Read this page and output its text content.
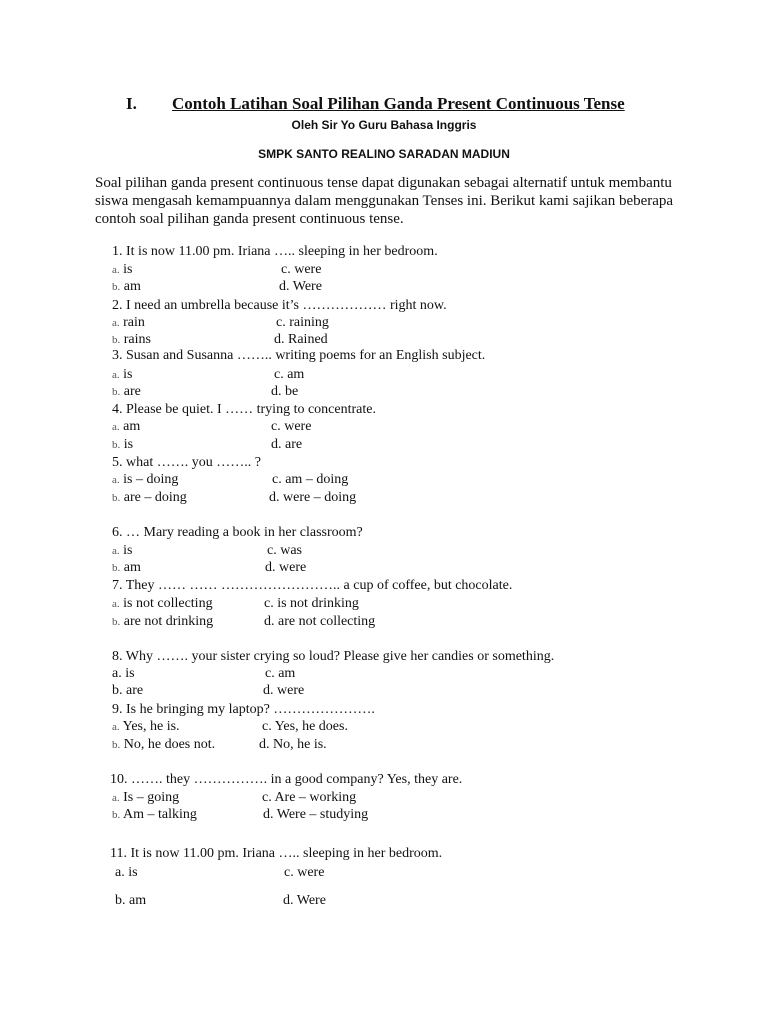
I. Contoh Latihan Soal Pilihan Ganda Present Continuous Tense
Oleh Sir Yo Guru Bahasa Inggris
SMPK SANTO REALINO SARADAN MADIUN
Soal pilihan ganda present continuous tense dapat digunakan sebagai alternatif untuk membantu siswa mengasah kemampuannya dalam menggunakan Tenses ini. Berikut kami sajikan beberapa contoh soal pilihan ganda present continuous tense.
1. It is now 11.00 pm. Iriana ….. sleeping in her bedroom.
a. is
b. am
c. were
d. Were
2. I need an umbrella because it’s ……………… right now.
a. rain
b. rains
c. raining
d. Rained
3. Susan and Susanna …….. writing poems for an English subject.
a. is
b. are
c. am
d. be
4. Please be quiet. I …… trying to concentrate.
a. am
b. is
c. were
d. are
5. what ……. you …….. ?
a. is – doing
b. are – doing
c. am – doing
d. were – doing
6. … Mary reading a book in her classroom?
a. is
b. am
c. was
d. were
7. They …… …… …………………….. a cup of coffee, but chocolate.
a. is not collecting
b. are not drinking
c. is not drinking
d. are not collecting
8. Why ……. your sister crying so loud? Please give her candies or something.
a. is
b. are
c. am
d. were
9. Is he bringing my laptop? ………………….
a. Yes, he is.
b. No, he does not.
c. Yes, he does.
d. No, he is.
10. ……. they ……………. in a good company? Yes, they are.
a. Is – going
b. Am – talking
c. Are – working
d. Were – studying
11. It is now 11.00 pm. Iriana ….. sleeping in her bedroom.
a. is
b. am
c. were
d. Were
